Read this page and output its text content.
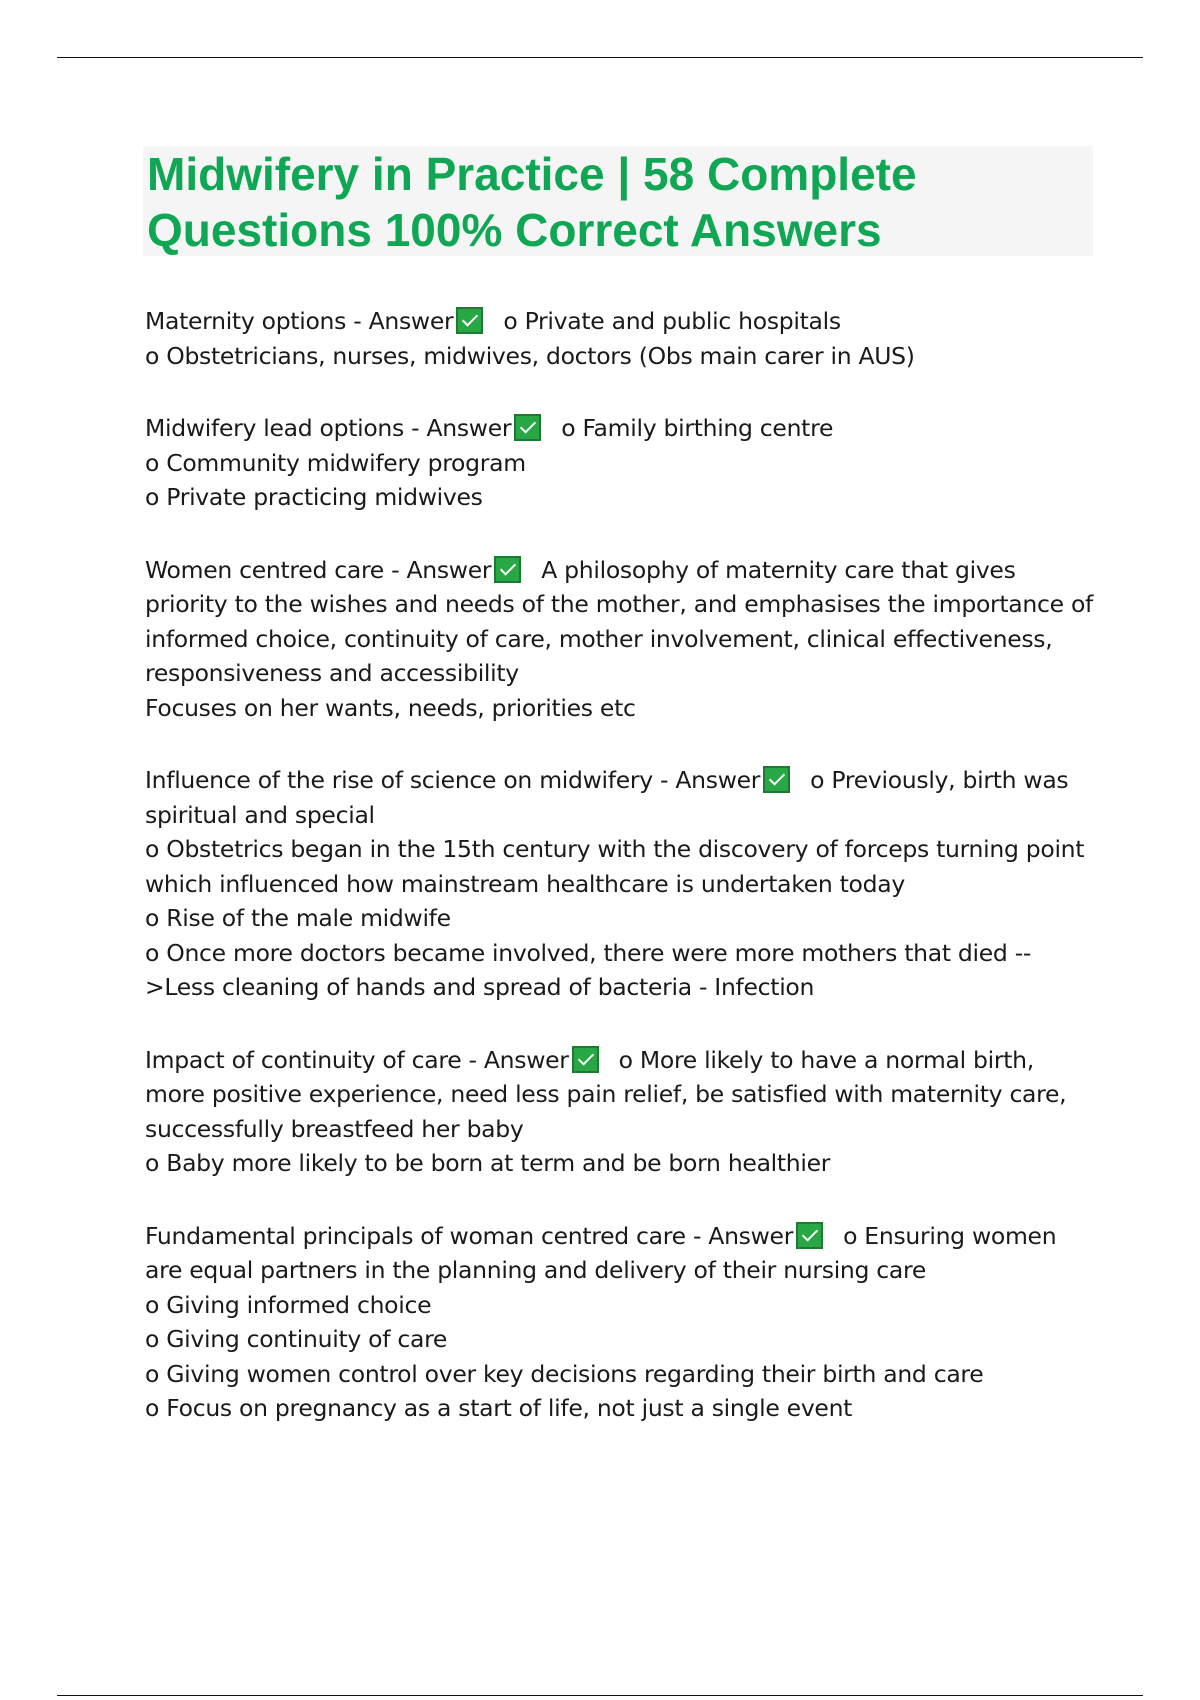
Midwifery in Practice | 58 Complete
Questions 100% Correct Answers

Maternity options - Answer o Private and public hospitals

o Obstetricians, nurses, midwives, doctors (Obs main carer in AUS)

Midwifery lead options - Answer o Family birthing centre

o Community midwifery program

o Private practicing midwives

Women centred care - Answer A philosophy of maternity care that gives

priority to the wishes and needs of the mother, and emphasises the importance of

informed choice, continuity of care, mother involvement, clinical effectiveness,

responsiveness and accessibility

Focuses on her wants, needs, priorities etc

Influence of the rise of science on midwifery - Answer o Previously, birth was

spiritual and special

o Obstetrics began in the 15th century with the discovery of forceps turning point

which influenced how mainstream healthcare is undertaken today

o Rise of the male midwife

o Once more doctors became involved, there were more mothers that died --

>Less cleaning of hands and spread of bacteria - Infection

Impact of continuity of care - Answer o More likely to have a normal birth,

more positive experience, need less pain relief, be satisfied with maternity care,

successfully breastfeed her baby

o Baby more likely to be born at term and be born healthier

Fundamental principals of woman centred care - Answer o Ensuring women

are equal partners in the planning and delivery of their nursing care

o Giving informed choice

o Giving continuity of care

o Giving women control over key decisions regarding their birth and care

o Focus on pregnancy as a start of life, not just a single event
